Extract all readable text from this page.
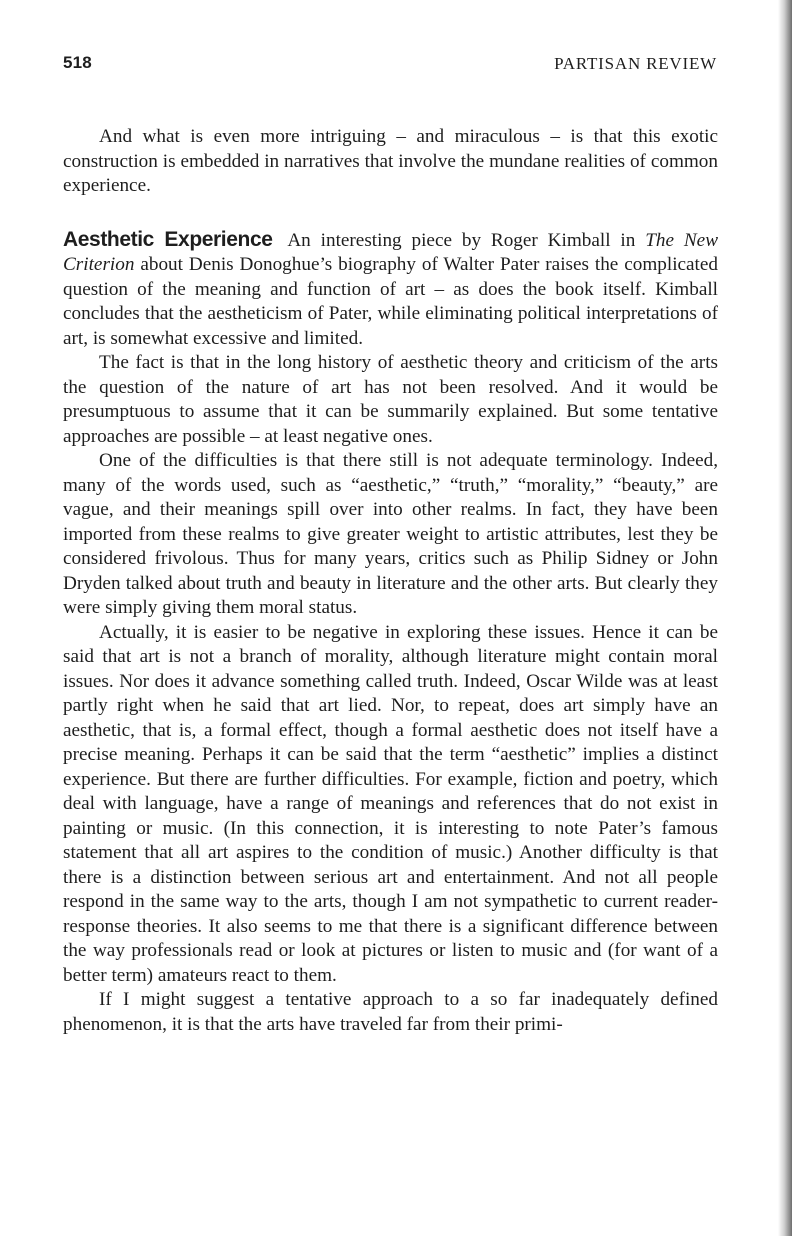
518	PARTISAN REVIEW

And what is even more intriguing – and miraculous – is that this exotic construction is embedded in narratives that involve the mundane realities of common experience.

Aesthetic Experience An interesting piece by Roger Kimball in The New Criterion about Denis Donoghue’s biography of Walter Pater raises the complicated question of the meaning and function of art – as does the book itself. Kimball concludes that the aestheticism of Pater, while eliminating political interpretations of art, is somewhat excessive and limited.

The fact is that in the long history of aesthetic theory and criticism of the arts the question of the nature of art has not been resolved. And it would be presumptuous to assume that it can be summarily explained. But some tentative approaches are possible – at least negative ones.

One of the difficulties is that there still is not adequate terminology. Indeed, many of the words used, such as “aesthetic,” “truth,” “morality,” “beauty,” are vague, and their meanings spill over into other realms. In fact, they have been imported from these realms to give greater weight to artistic attributes, lest they be considered frivolous. Thus for many years, critics such as Philip Sidney or John Dryden talked about truth and beauty in literature and the other arts. But clearly they were simply giving them moral status.

Actually, it is easier to be negative in exploring these issues. Hence it can be said that art is not a branch of morality, although literature might contain moral issues. Nor does it advance something called truth. Indeed, Oscar Wilde was at least partly right when he said that art lied. Nor, to repeat, does art simply have an aesthetic, that is, a formal effect, though a formal aesthetic does not itself have a precise meaning. Perhaps it can be said that the term “aesthetic” implies a distinct experience. But there are further difficulties. For example, fiction and poetry, which deal with language, have a range of meanings and references that do not exist in painting or music. (In this connection, it is interesting to note Pater’s famous statement that all art aspires to the condition of music.) Another difficulty is that there is a distinction between serious art and entertainment. And not all people respond in the same way to the arts, though I am not sympathetic to current reader-response theories. It also seems to me that there is a significant difference between the way professionals read or look at pictures or listen to music and (for want of a better term) amateurs react to them.

If I might suggest a tentative approach to a so far inadequately defined phenomenon, it is that the arts have traveled far from their primi-
